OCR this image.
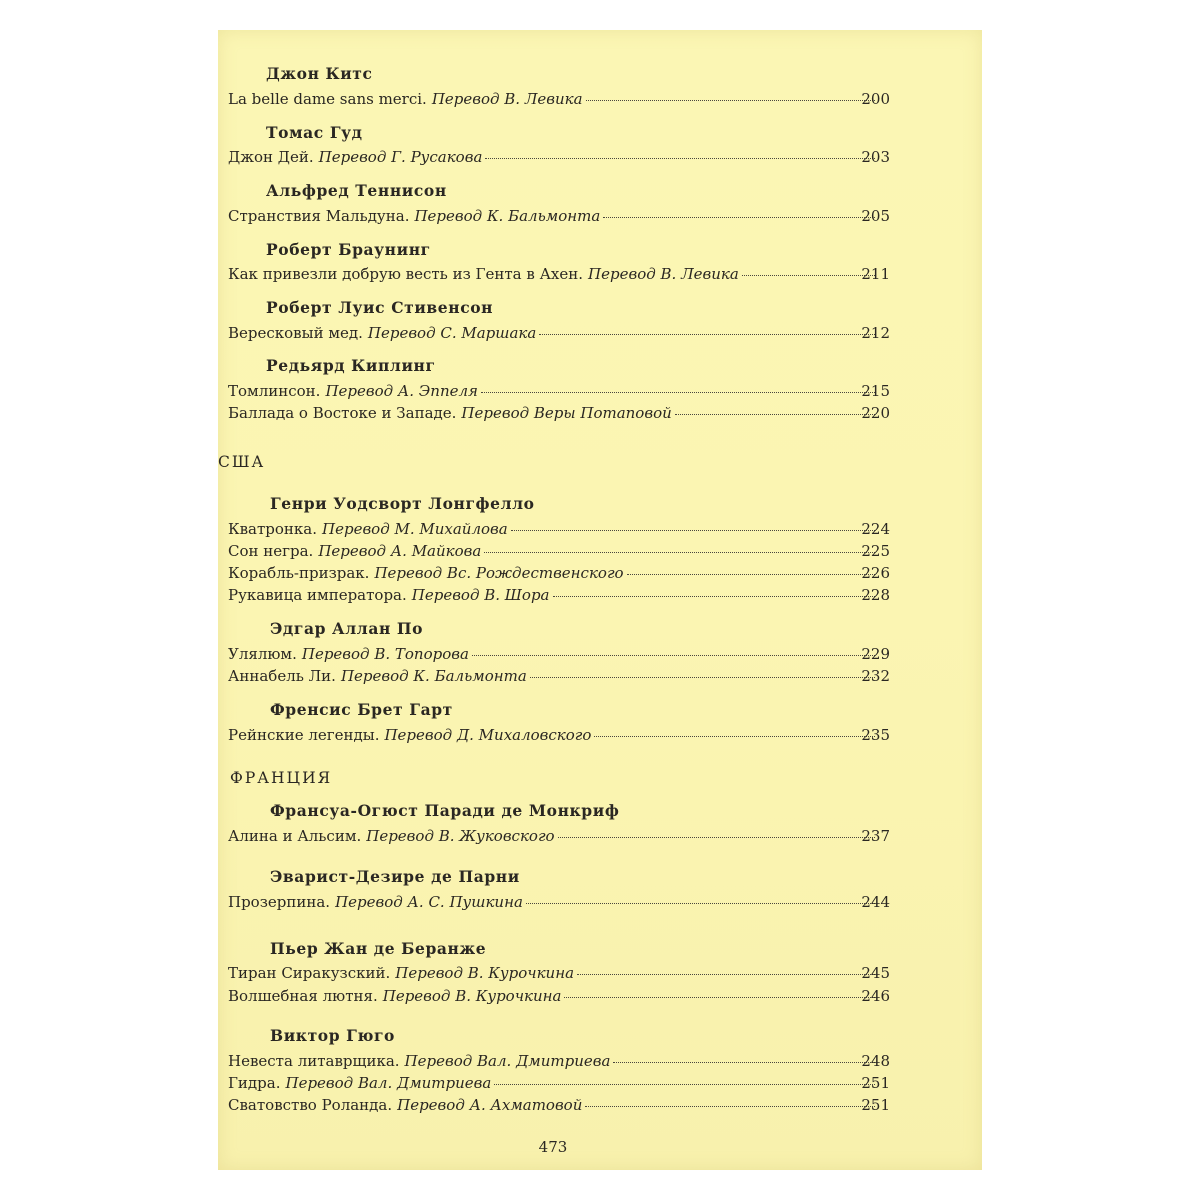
Джон Китс
La belle dame sans merci. Перевод В. Левика	200
Томас Гуд
Джон Дей. Перевод Г. Русакова	203
Альфред Теннисон
Странствия Мальдуна. Перевод К. Бальмонта	205
Роберт Браунинг
Как привезли добрую весть из Гента в Ахен. Перевод В. Левика	211
Роберт Луис Стивенсон
Вересковый мед. Перевод С. Маршака	212
Редьярд Киплинг
Томлинсон. Перевод А. Эппеля	215
Баллада о Востоке и Западе. Перевод Веры Потаповой	220
США
Генри Уодсворт Лонгфелло
Кватронка. Перевод М. Михайлова	224
Сон негра. Перевод А. Майкова	225
Корабль-призрак. Перевод Вс. Рождественского	226
Рукавица императора. Перевод В. Шора	228
Эдгар Аллан По
Улялюм. Перевод В. Топорова	229
Аннабель Ли. Перевод К. Бальмонта	232
Френсис Брет Гарт
Рейнские легенды. Перевод Д. Михаловского	235
ФРАНЦИЯ
Франсуа-Огюст Паради де Монкриф
Алина и Альсим. Перевод В. Жуковского	237
Эварист-Дезире де Парни
Прозерпина. Перевод А. С. Пушкина	244
Пьер Жан де Беранже
Тиран Сиракузский. Перевод В. Курочкина	245
Волшебная лютня. Перевод В. Курочкина	246
Виктор Гюго
Невеста литаврщика. Перевод Вал. Дмитриева	248
Гидра. Перевод Вал. Дмитриева	251
Сватовство Роланда. Перевод А. Ахматовой	251
473
